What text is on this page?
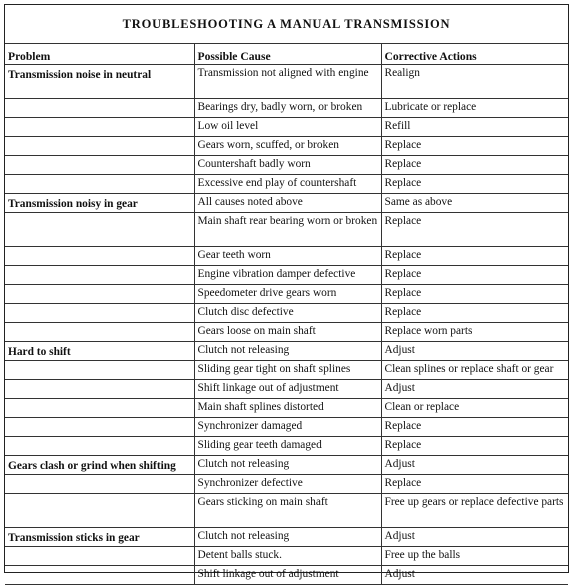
TROUBLESHOOTING A MANUAL TRANSMISSION
Problem	Possible Cause	Corrective Actions
Transmission noise in neutral	Transmission not aligned with engine	Realign
	Bearings dry, badly worn, or broken	Lubricate or replace
	Low oil level	Refill
	Gears worn, scuffed, or broken	Replace
	Countershaft badly worn	Replace
	Excessive end play of countershaft	Replace
Transmission noisy in gear	All causes noted above	Same as above
	Main shaft rear bearing worn or broken	Replace
	Gear teeth worn	Replace
	Engine vibration damper defective	Replace
	Speedometer drive gears worn	Replace
	Clutch disc defective	Replace
	Gears loose on main shaft	Replace worn parts
Hard to shift	Clutch not releasing	Adjust
	Sliding gear tight on shaft splines	Clean splines or replace shaft or gear
	Shift linkage out of adjustment	Adjust
	Main shaft splines distorted	Clean or replace
	Synchronizer damaged	Replace
	Sliding gear teeth damaged	Replace
Gears clash or grind when shifting	Clutch not releasing	Adjust
	Synchronizer defective	Replace
	Gears sticking on main shaft	Free up gears or replace defective parts
Transmission sticks in gear	Clutch not releasing	Adjust
	Detent balls stuck.	Free up the balls
	Shift linkage out of adjustment	Adjust
